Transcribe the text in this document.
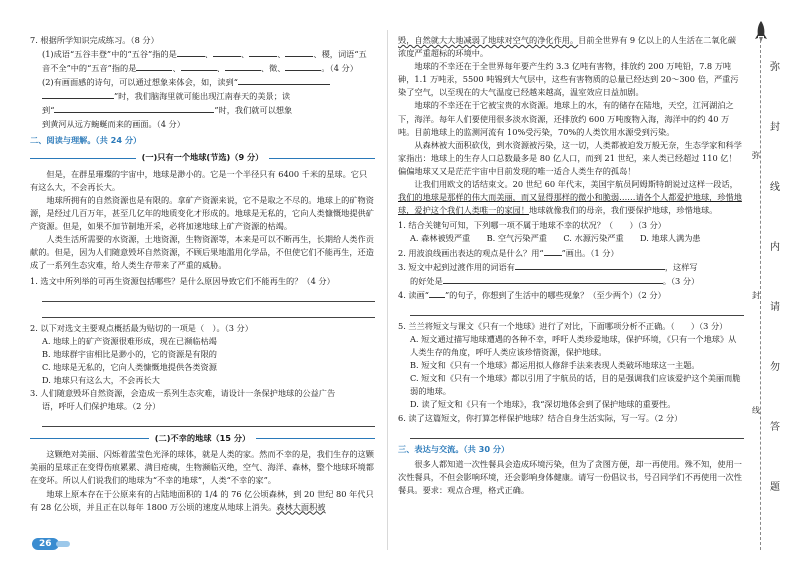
7. 根据所学知识完成练习。（8 分）

(1)成语“五谷丰登”中的“五谷”指的是	、	、	、	、稷，词语“五
音不全”中的“五音”指的是	、	、	、徵、	。（4 分）

(2)有画面感的诗句，可以通过想象来体会，如，读到“
”时，我们脑海里就可能出现江南春天的美景；读
到“	”时，我们就可以想象
到黄河从远方蜿蜒而来的画面。（4 分）

二、阅读与理解。（共 24 分）
(一)只有一个地球(节选)（9 分）

但是，在群星璀璨的宇宙中，地球是渺小的。它是一个半径只有 6400 千米的星球。它只有这么大，不会再长大。

地球所拥有的自然资源也是有限的。拿矿产资源来说，它不是取之不尽的。地球上的矿物资源，是经过几百万年，甚至几亿年的地质变化才形成的。地球是无私的，它向人类慷慨地提供矿产资源。但是，如果不加节制地开采，必将加速地球上矿产资源的枯竭。

人类生活所需要的水资源，土地资源，生物资源等，本来是可以不断再生，长期给人类作贡献的。但是，因为人们随意毁坏自然资源，不顾后果地滥用化学品，不但使它们不能再生，还造成了一系列生态灾难，给人类生存带来了严重的威胁。

1. 选文中所列举的可再生资源包括哪些？是什么原因导致它们不能再生的？（4 分）

2. 以下对选文主要观点概括最为贴切的一项是（　）。（3 分）

A. 地球上的矿产资源很难形成，现在已濒临枯竭

B. 地球群宇宙相比是渺小的，它的资源是有限的

C. 地球是无私的，它向人类慷慨地提供各类资源

D. 地球只有这么大，不会再长大

3. 人们随意毁坏自然资源，会造成一系列生态灾难，请设计一条保护地球的公益广告
语，呼吁人们保护地球。（2 分）

(二)不幸的地球（15 分）

这颗绝对美丽、闪烁着蓝莹色光泽的球体，就是人类的家。然而不幸的是，我们生存的这颗美丽的星球正在变得伤痕累累、满目疮痍，生物濒临灭绝，空气、海洋、森林，整个地球环境都在变坏。所以人们说我们的地球为“不幸的地球”，人类“不幸的家”。

地球上原本存在于公原来有的占陆地面积的 1/4 的 76 亿公顷森林，到 20 世纪 80 年代只有 28 亿公顷，并且正在以每年 1800 万公顷的速度从地球上消失。森林大面积被

26

毁，自然就大大地减弱了地球对空气的净化作用。目前全世界有 9 亿以上的人生活在二氧化碳浓度严重超标的环境中。

地球的不幸还在于全世界每年要产生约 3.3 亿吨有害物，排放约 200 万吨铅，7.8 万吨砷，1.1 万吨汞，5500 吨锡到大气层中，这些有害物质的总量已经达到 20～300 倍，严重污染了空气，以至现在的大气温度已经越来越高，温室效应日益加剧。

地球的不幸还在于它被宝贵的水资源。地球上的水，有的储存在陆地，天空，江河湖泊之下，海洋。每年人们要使用很多淡水资源，还排放约 600 万吨废物入海，海洋中的约 40 万吨。目前地球上的监测河流有 10%受污染，70%的人类饮用水源受到污染。

从森林被大面积砍伐，到水资源被污染，这一切，人类都被迫发万般无奈，生态学家和科学家指出：地球上的生存人口总数最多是 80 亿人口，而到 21 世纪，来人类已经超过 110 亿！偏偏地球又又是茫茫宇宙中目前发现的唯一适合人类生存的孤岛！

让我们用欧文的话结束文。20 世纪 60 年代末，美国宇航员阿姆斯特朗说过这样一段话，我们的地球是那样的伟大而美丽，而又显得那样的微小和脆弱……请各个人都爱护地球，珍惜地球，爱护这个我们人类唯一的家园！地球就像我们的母亲，我们要保护地球，珍惜地球。

1. 结合关键句可知，下列哪一项不属于地球不幸的状况？（　　）（3 分）

A. 森林被毁严重　　B. 空气污染严重　　C. 水源污染严重　　D. 地球人满为患

2. 用波浪线画出表达的观点是什么？用“ ”画出。（1 分）

3. 短文中起到过渡作用的词语有	，这样写
的好处是	。（3 分）

4. 读画“ ”的句子，你想到了生活中的哪些现象？（至少两个）（2 分）

5. 兰兰将短文与课文《只有一个地球》进行了对比，下面哪项分析不正确。（　　）（3 分）

A. 短文通过描写地球遭遇的各种不幸，呼吁人类珍爱地球，保护环境，《只有一个地球》从人类生存的角度，呼吁人类应该珍惜资源，保护地球。

B. 短文和《只有一个地球》都运用拟人修辞手法来表现人类破坏地球这一主题。

C. 短文和《只有一个地球》都以引用了宇航员的话，目的是强调我们应该爱护这个美丽而脆弱的地球。

D. 读了短文和《只有一个地球》，我“深切地体会到了保护地球的重要性。

6. 读了这篇短文，你打算怎样保护地球？结合自身生活实际，写一写。（2 分）

三、表达与交流。（共 30 分）

很多人都知道一次性餐具会造成环境污染，但为了贪图方便，却一再使用。殊不知，使用一次性餐具，不但会影响环境，还会影响身体健康。请写一份倡议书，号召同学们不再使用一次性餐具。要求：观点合理，格式正确。

弥
封
线
内
请
勿
答
题
弥
封
线
